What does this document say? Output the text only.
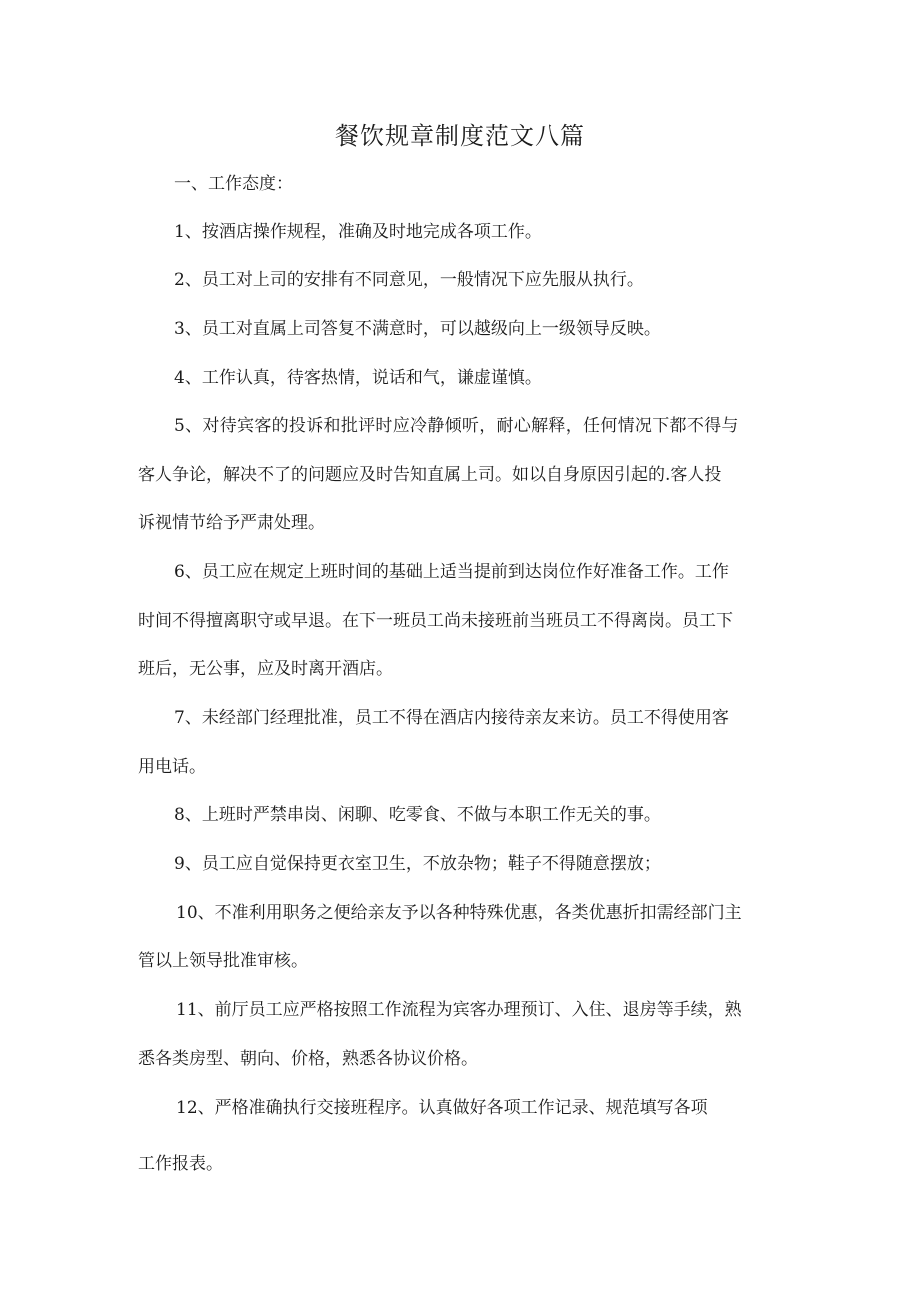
餐饮规章制度范文八篇
一、工作态度：
1、按酒店操作规程，准确及时地完成各项工作。
2、员工对上司的安排有不同意见，一般情况下应先服从执行。
3、员工对直属上司答复不满意时，可以越级向上一级领导反映。
4、工作认真，待客热情，说话和气，谦虚谨慎。
5、对待宾客的投诉和批评时应冷静倾听，耐心解释，任何情况下都不得与
客人争论，解决不了的问题应及时告知直属上司。如以自身原因引起的.客人投
诉视情节给予严肃处理。
6、员工应在规定上班时间的基础上适当提前到达岗位作好准备工作。工作
时间不得擅离职守或早退。在下一班员工尚未接班前当班员工不得离岗。员工下
班后，无公事，应及时离开酒店。
7、未经部门经理批准，员工不得在酒店内接待亲友来访。员工不得使用客
用电话。
8、上班时严禁串岗、闲聊、吃零食、不做与本职工作无关的事。
9、员工应自觉保持更衣室卫生，不放杂物；鞋子不得随意摆放；
10、不准利用职务之便给亲友予以各种特殊优惠，各类优惠折扣需经部门主
管以上领导批准审核。
11、前厅员工应严格按照工作流程为宾客办理预订、入住、退房等手续，熟
悉各类房型、朝向、价格，熟悉各协议价格。
12、严格准确执行交接班程序。认真做好各项工作记录、规范填写各项
工作报表。
